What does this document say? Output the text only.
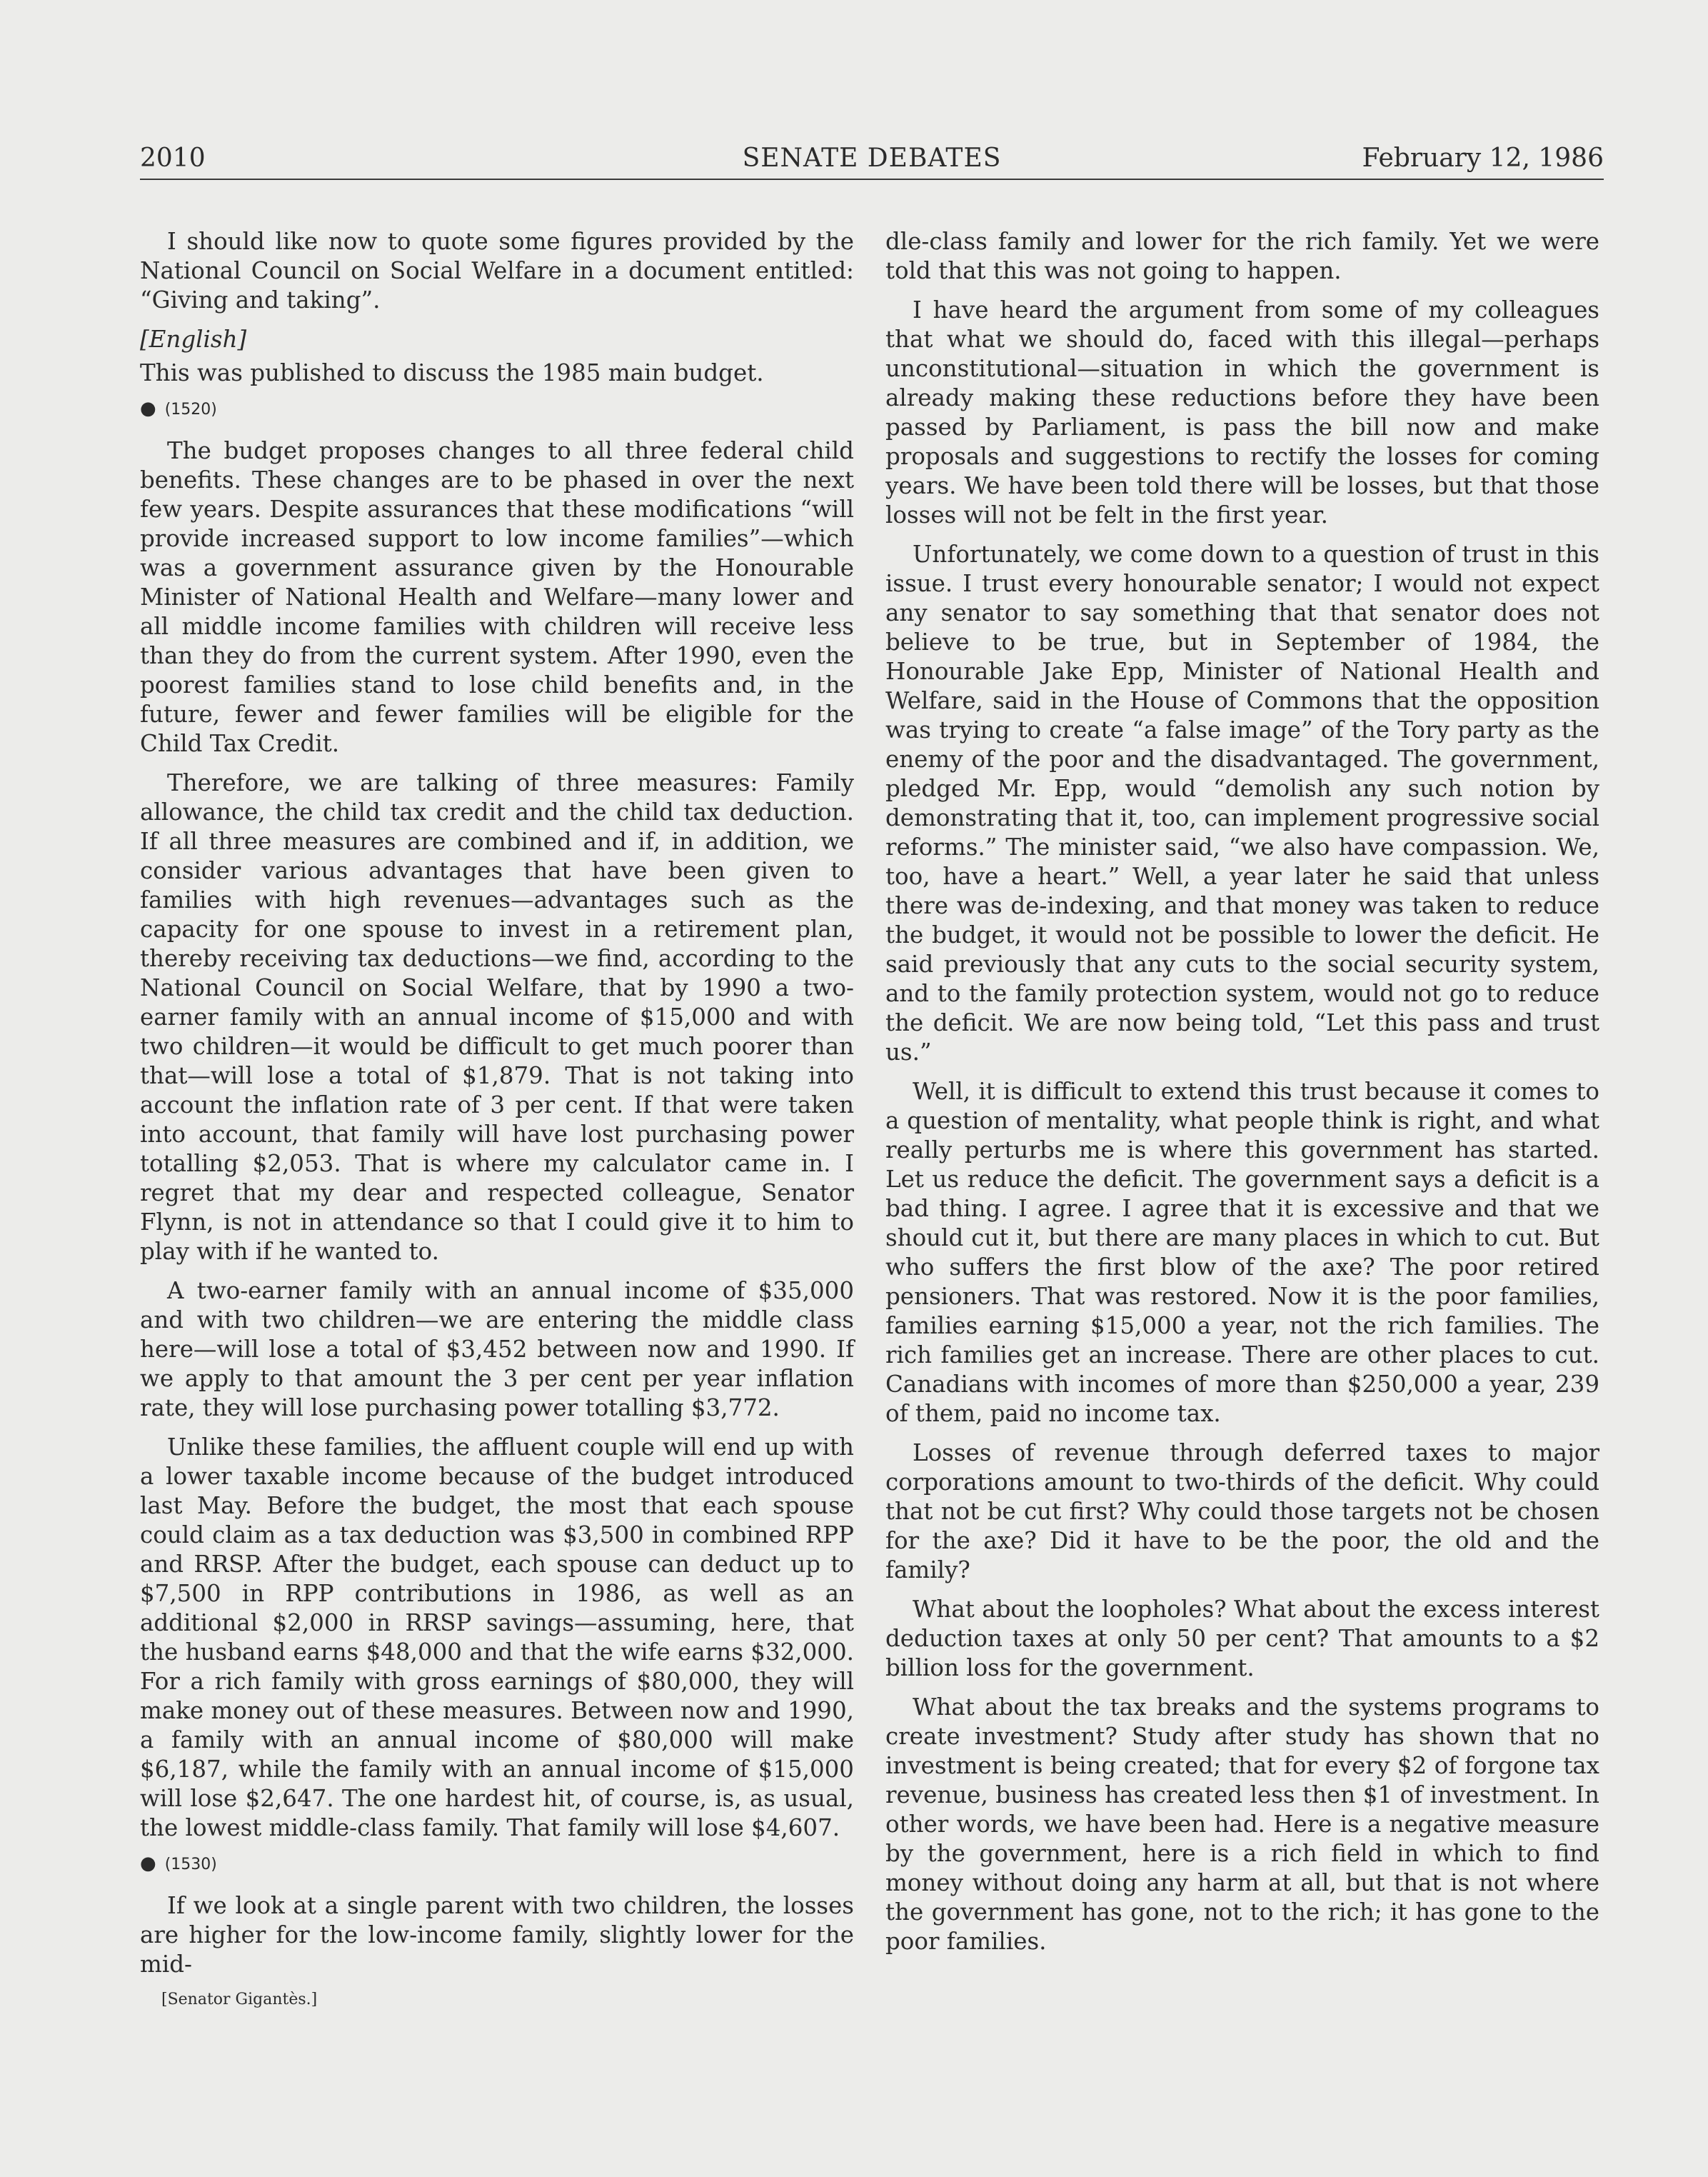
2010	SENATE DEBATES	February 12, 1986

I should like now to quote some figures provided by the National Council on Social Welfare in a document entitled: “Giving and taking”.

[English]

This was published to discuss the 1985 main budget.

● (1520)

The budget proposes changes to all three federal child benefits. These changes are to be phased in over the next few years. Despite assurances that these modifications “will provide increased support to low income families”—which was a government assurance given by the Honourable Minister of National Health and Welfare—many lower and all middle income families with children will receive less than they do from the current system. After 1990, even the poorest families stand to lose child benefits and, in the future, fewer and fewer families will be eligible for the Child Tax Credit.

Therefore, we are talking of three measures: Family allowance, the child tax credit and the child tax deduction. If all three measures are combined and if, in addition, we consider various advantages that have been given to families with high revenues—advantages such as the capacity for one spouse to invest in a retirement plan, thereby receiving tax deductions—we find, according to the National Council on Social Welfare, that by 1990 a two-earner family with an annual income of $15,000 and with two children—it would be difficult to get much poorer than that—will lose a total of $1,879. That is not taking into account the inflation rate of 3 per cent. If that were taken into account, that family will have lost purchasing power totalling $2,053. That is where my calculator came in. I regret that my dear and respected colleague, Senator Flynn, is not in attendance so that I could give it to him to play with if he wanted to.

A two-earner family with an annual income of $35,000 and with two children—we are entering the middle class here—will lose a total of $3,452 between now and 1990. If we apply to that amount the 3 per cent per year inflation rate, they will lose purchasing power totalling $3,772.

Unlike these families, the affluent couple will end up with a lower taxable income because of the budget introduced last May. Before the budget, the most that each spouse could claim as a tax deduction was $3,500 in combined RPP and RRSP. After the budget, each spouse can deduct up to $7,500 in RPP contributions in 1986, as well as an additional $2,000 in RRSP savings—assuming, here, that the husband earns $48,000 and that the wife earns $32,000. For a rich family with gross earnings of $80,000, they will make money out of these measures. Between now and 1990, a family with an annual income of $80,000 will make $6,187, while the family with an annual income of $15,000 will lose $2,647. The one hardest hit, of course, is, as usual, the lowest middle-class family. That family will lose $4,607.

● (1530)

If we look at a single parent with two children, the losses are higher for the low-income family, slightly lower for the mid-

[Senator Gigantès.]

dle-class family and lower for the rich family. Yet we were told that this was not going to happen.

I have heard the argument from some of my colleagues that what we should do, faced with this illegal—perhaps unconstitutional—situation in which the government is already making these reductions before they have been passed by Parliament, is pass the bill now and make proposals and suggestions to rectify the losses for coming years. We have been told there will be losses, but that those losses will not be felt in the first year.

Unfortunately, we come down to a question of trust in this issue. I trust every honourable senator; I would not expect any senator to say something that that senator does not believe to be true, but in September of 1984, the Honourable Jake Epp, Minister of National Health and Welfare, said in the House of Commons that the opposition was trying to create “a false image” of the Tory party as the enemy of the poor and the disadvantaged. The government, pledged Mr. Epp, would “demolish any such notion by demonstrating that it, too, can implement progressive social reforms.” The minister said, “we also have compassion. We, too, have a heart.” Well, a year later he said that unless there was de-indexing, and that money was taken to reduce the budget, it would not be possible to lower the deficit. He said previously that any cuts to the social security system, and to the family protection system, would not go to reduce the deficit. We are now being told, “Let this pass and trust us.”

Well, it is difficult to extend this trust because it comes to a question of mentality, what people think is right, and what really perturbs me is where this government has started. Let us reduce the deficit. The government says a deficit is a bad thing. I agree. I agree that it is excessive and that we should cut it, but there are many places in which to cut. But who suffers the first blow of the axe? The poor retired pensioners. That was restored. Now it is the poor families, families earning $15,000 a year, not the rich families. The rich families get an increase. There are other places to cut. Canadians with incomes of more than $250,000 a year, 239 of them, paid no income tax.

Losses of revenue through deferred taxes to major corporations amount to two-thirds of the deficit. Why could that not be cut first? Why could those targets not be chosen for the axe? Did it have to be the poor, the old and the family?

What about the loopholes? What about the excess interest deduction taxes at only 50 per cent? That amounts to a $2 billion loss for the government.

What about the tax breaks and the systems programs to create investment? Study after study has shown that no investment is being created; that for every $2 of forgone tax revenue, business has created less then $1 of investment. In other words, we have been had. Here is a negative measure by the government, here is a rich field in which to find money without doing any harm at all, but that is not where the government has gone, not to the rich; it has gone to the poor families.
